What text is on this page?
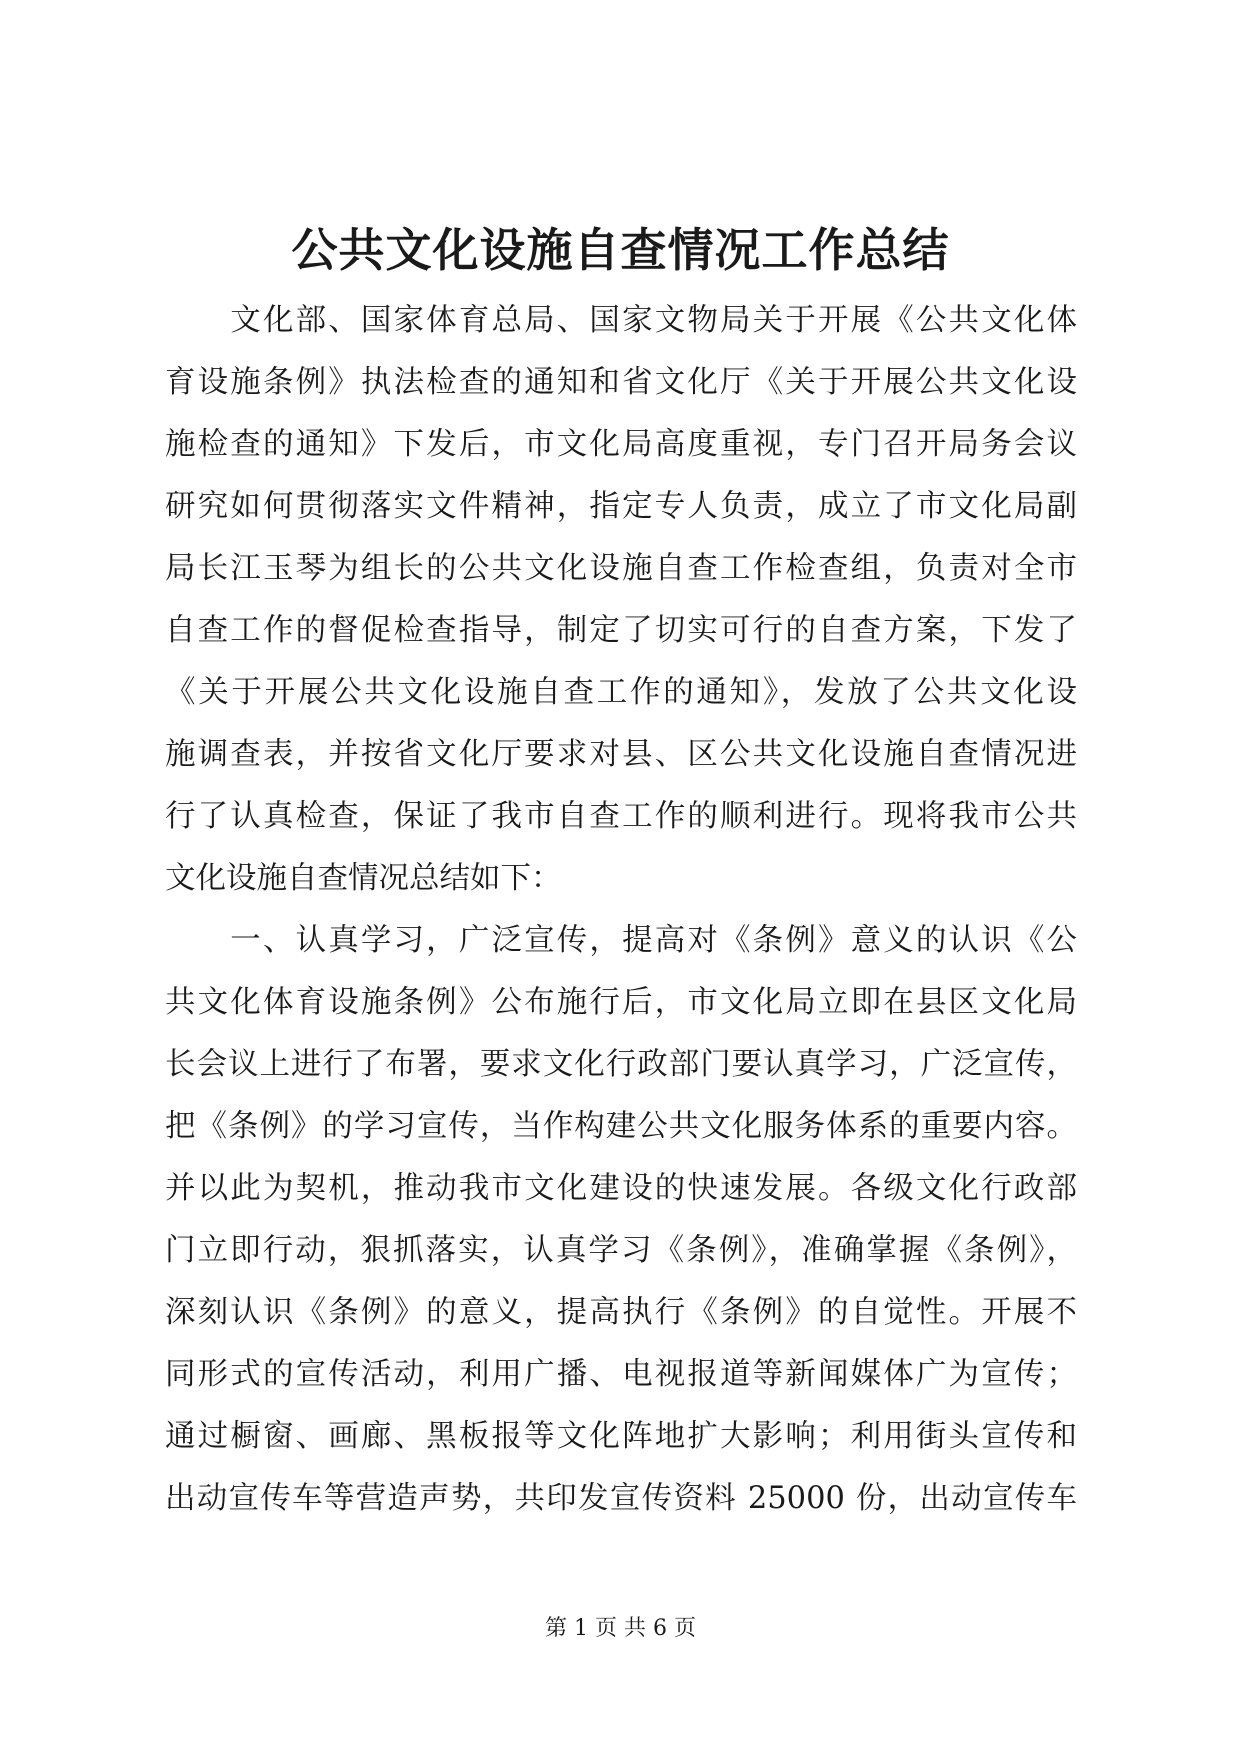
公共文化设施自查情况工作总结
　　文化部、国家体育总局、国家文物局关于开展《公共文化体
育设施条例》执法检查的通知和省文化厅《关于开展公共文化设
施检查的通知》下发后，市文化局高度重视，专门召开局务会议
研究如何贯彻落实文件精神，指定专人负责，成立了市文化局副
局长江玉琴为组长的公共文化设施自查工作检查组，负责对全市
自查工作的督促检查指导，制定了切实可行的自查方案，下发了
《关于开展公共文化设施自查工作的通知》，发放了公共文化设
施调查表，并按省文化厅要求对县、区公共文化设施自查情况进
行了认真检查，保证了我市自查工作的顺利进行。现将我市公共
文化设施自查情况总结如下：
　　一、认真学习，广泛宣传，提高对《条例》意义的认识《公
共文化体育设施条例》公布施行后，市文化局立即在县区文化局
长会议上进行了布署，要求文化行政部门要认真学习，广泛宣传，
把《条例》的学习宣传，当作构建公共文化服务体系的重要内容。
并以此为契机，推动我市文化建设的快速发展。各级文化行政部
门立即行动，狠抓落实，认真学习《条例》，准确掌握《条例》，
深刻认识《条例》的意义，提高执行《条例》的自觉性。开展不
同形式的宣传活动，利用广播、电视报道等新闻媒体广为宣传；
通过橱窗、画廊、黑板报等文化阵地扩大影响；利用街头宣传和
出动宣传车等营造声势，共印发宣传资料 25000 份，出动宣传车
第 1 页 共 6 页
